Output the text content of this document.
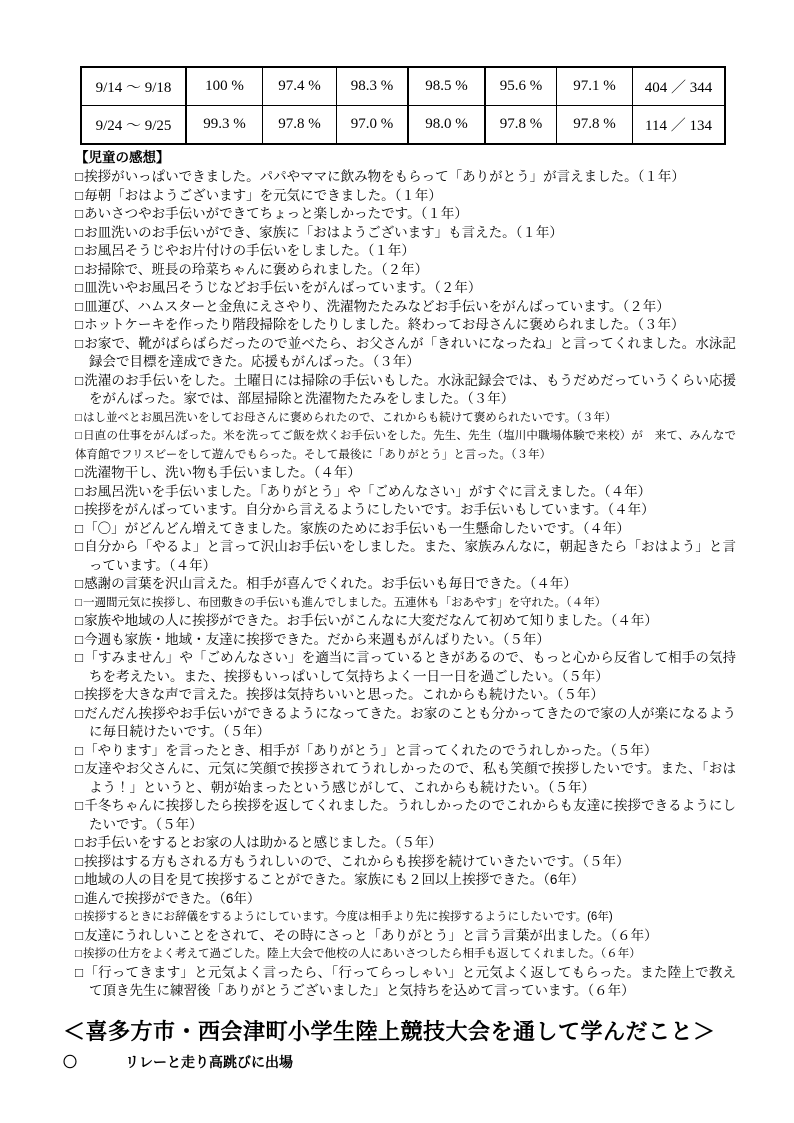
9/14 ～ 9/18	100 %	97.4 %	98.3 %	98.5 %	95.6 %	97.1 %	404 ／ 344
9/24 ～ 9/25	99.3 %	97.8 %	97.0 %	98.0 %	97.8 %	97.8 %	114 ／ 134
【児童の感想】
□挨拶がいっぱいできました。パパやママに飲み物をもらって「ありがとう」が言えました。（１年）
□毎朝「おはようございます」を元気にできました。（１年）
□あいさつやお手伝いができてちょっと楽しかったです。（１年）
□お皿洗いのお手伝いができ、家族に「おはようございます」も言えた。（１年）
□お風呂そうじやお片付けの手伝いをしました。（１年）
□お掃除で、班長の玲菜ちゃんに褒められました。（２年）
□皿洗いやお風呂そうじなどお手伝いをがんばっています。（２年）
□皿運び、ハムスターと金魚にえさやり、洗濯物たたみなどお手伝いをがんばっています。（２年）
□ホットケーキを作ったり階段掃除をしたりしました。終わってお母さんに褒められました。（３年）
□お家で、靴がばらばらだったので並べたら、お父さんが「きれいになったね」と言ってくれました。水泳記録会で目標を達成できた。応援もがんばった。（３年）
□洗濯のお手伝いをした。土曜日には掃除の手伝いもした。水泳記録会では、もうだめだっていうくらい応援をがんばった。家では、部屋掃除と洗濯物たたみをしました。（３年）
□はし並べとお風呂洗いをしてお母さんに褒められたので、これからも続けて褒められたいです。（３年）
□日直の仕事をがんばった。米を洗ってご飯を炊くお手伝いをした。先生、先生（塩川中職場体験で来校）が　来て、みんなで体育館でフリスビーをして遊んでもらった。そして最後に「ありがとう」と言った。（３年）
□洗濯物干し、洗い物も手伝いました。（４年）
□お風呂洗いを手伝いました。「ありがとう」や「ごめんなさい」がすぐに言えました。（４年）
□挨拶をがんばっています。自分から言えるようにしたいです。お手伝いもしています。（４年）
□「〇」がどんどん増えてきました。家族のためにお手伝いも一生懸命したいです。（４年）
□自分から「やるよ」と言って沢山お手伝いをしました。また、家族みんなに，朝起きたら「おはよう」と言っています。（４年）
□感謝の言葉を沢山言えた。相手が喜んでくれた。お手伝いも毎日できた。（４年）
□一週間元気に挨拶し、布団敷きの手伝いも進んでしました。五連休も「おあやす」を守れた。（４年）
□家族や地域の人に挨拶ができた。お手伝いがこんなに大変だなんて初めて知りました。（４年）
□今週も家族・地域・友達に挨拶できた。だから来週もがんばりたい。（５年）
□「すみません」や「ごめんなさい」を適当に言っているときがあるので、もっと心から反省して相手の気持ちを考えたい。また、挨拶もいっぱいして気持ちよく一日一日を過ごしたい。（５年）
□挨拶を大きな声で言えた。挨拶は気持ちいいと思った。これからも続けたい。（５年）
□だんだん挨拶やお手伝いができるようになってきた。お家のことも分かってきたので家の人が楽になるように毎日続けたいです。（５年）
□「やります」を言ったとき、相手が「ありがとう」と言ってくれたのでうれしかった。（５年）
□友達やお父さんに、元気に笑顔で挨拶されてうれしかったので、私も笑顔で挨拶したいです。また、「おはよう！」というと、朝が始まったという感じがして、これからも続けたい。（５年）
□千冬ちゃんに挨拶したら挨拶を返してくれました。うれしかったのでこれからも友達に挨拶できるようにしたいです。（５年）
□お手伝いをするとお家の人は助かると感じました。（５年）
□挨拶はする方もされる方もうれしいので、これからも挨拶を続けていきたいです。（５年）
□地域の人の目を見て挨拶することができた。家族にも２回以上挨拶できた。（6年）
□進んで挨拶ができた。（6年）
□挨拶するときにお辞儀をするようにしています。今度は相手より先に挨拶するようにしたいです。(6年)
□友達にうれしいことをされて、その時にさっと「ありがとう」と言う言葉が出ました。（６年）
□挨拶の仕方をよく考えて過ごした。陸上大会で他校の人にあいさつしたら相手も返してくれました。（６年）
□「行ってきます」と元気よく言ったら、「行ってらっしゃい」と元気よく返してもらった。また陸上で教えて頂き先生に練習後「ありがとうございました」と気持ちを込めて言っています。（６年）
＜喜多方市・西会津町小学生陸上競技大会を通して学んだこと＞
〇	リレーと走り高跳びに出場
